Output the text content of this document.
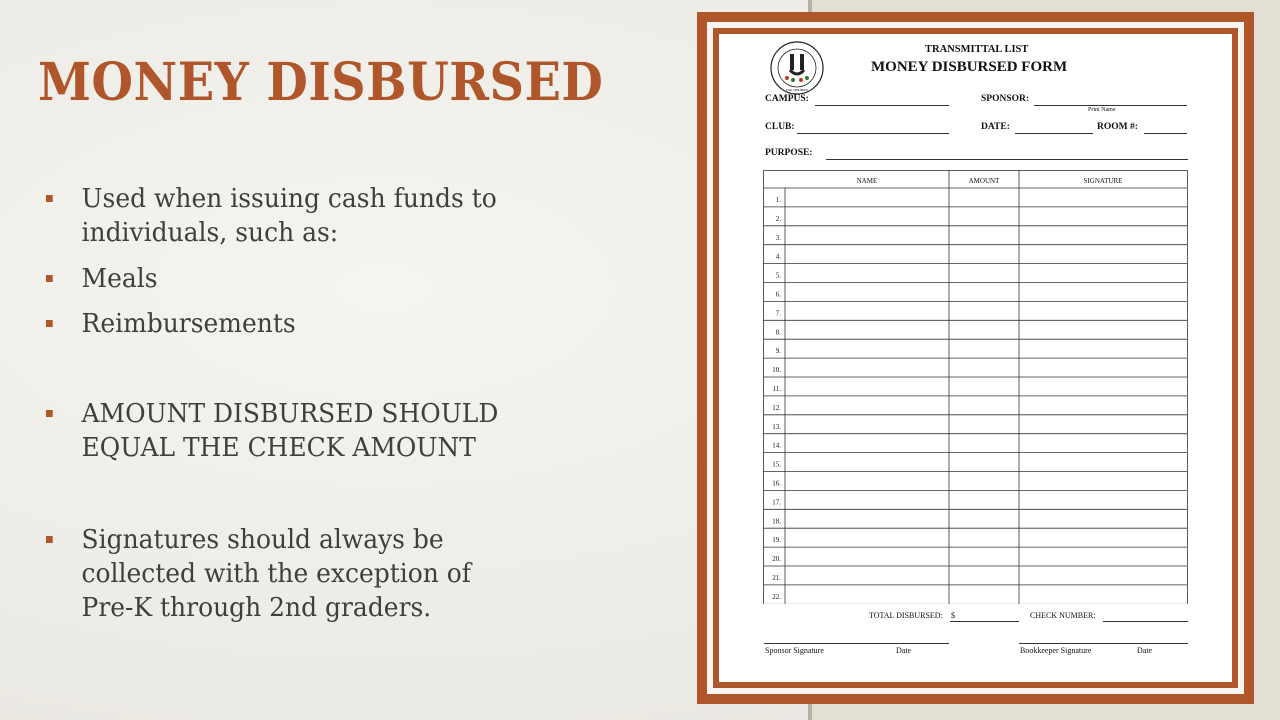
MONEY DISBURSED
Used when issuing cash funds to
individuals, such as:
Meals
Reimbursements
AMOUNT DISBURSED SHOULD
EQUAL THE CHECK AMOUNT
Signatures should always be
collected with the exception of
Pre-K through 2nd graders.
FOR CHILDREN
TRANSMITTAL LIST
MONEY DISBURSED FORM
CAMPUS:	SPONSOR:
Print Name
CLUB:	DATE:	ROOM #:
PURPOSE:
NAME	AMOUNT	SIGNATURE
1.
2.
3.
4.
5.
6.
7.
8.
9.
10.
11.
12.
13.
14.
15.
16.
17.
18.
19.
20.
21.
22.
TOTAL DISBURSED: $	CHECK NUMBER:
Sponsor Signature	Date	Bookkeeper Signature	Date
